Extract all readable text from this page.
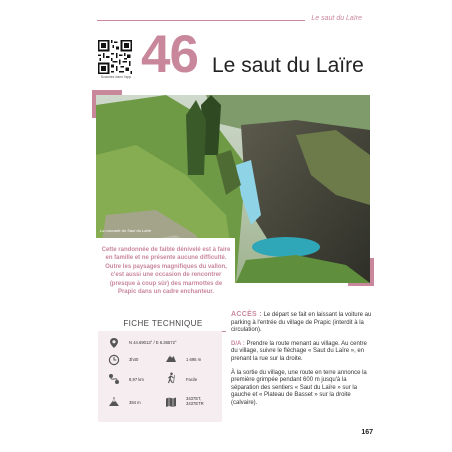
Le saut du Laïre
Scannez dans l'app 46 Le saut du Laïre
La cascade du Saut du Laïre

Cette randonnée de faible dénivelé est à faire en famille et ne présente aucune difficulté. Outre les paysages magnifiques du vallon, c'est aussi une occasion de rencontrer (presque à coup sûr) des marmottes de Prapic dans un cadre enchanteur.

FICHE TECHNIQUE
N 44.69013° / E 6.36572°
3h40	1 695 m
8,97 km	Facile
384 m
3437ET, 3437ETR

ACCÈS : Le départ se fait en laissant la voiture au parking à l'entrée du village de Prapic (interdit à la circulation).

D/A : Prendre la route menant au village. Au centre du village, suivre le fléchage « Saut du Laïre », en prenant la rue sur la droite.

À la sortie du village, une route en terre annonce la première grimpée pendant 600 m jusqu'à la séparation des sentiers « Saut du Laïre » sur la gauche et « Plateau de Basset » sur la droite (calvaire).

167
